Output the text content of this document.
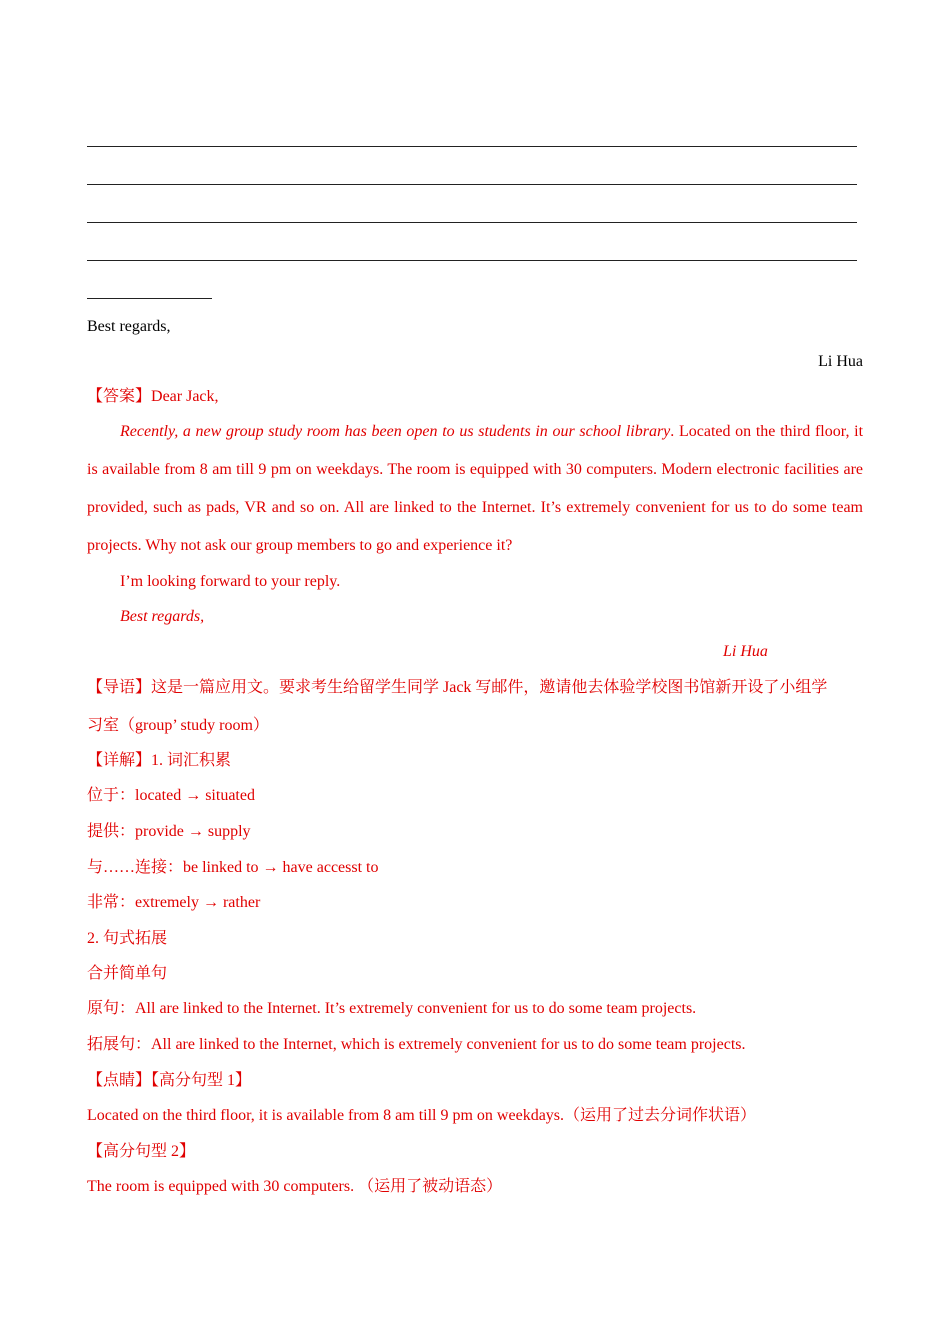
Best regards,
Li Hua
【答案】Dear Jack,
Recently, a new group study room has been open to us students in our school library. Located on the third floor, it is available from 8 am till 9 pm on weekdays. The room is equipped with 30 computers. Modern electronic facilities are provided, such as pads, VR and so on. All are linked to the Internet. It’s extremely convenient for us to do some team projects. Why not ask our group members to go and experience it?
I’m looking forward to your reply.
Best regards,
Li Hua
【导语】这是一篇应用文。要求考生给留学生同学 Jack 写邮件，邀请他去体验学校图书馆新开设了小组学
习室（group’ study room）
【详解】1. 词汇积累
位于：located → situated
提供：provide → supply
与……连接：be linked to → have accesst to
非常：extremely → rather
2. 句式拓展
合并简单句
原句：All are linked to the Internet. It’s extremely convenient for us to do some team projects.
拓展句：All are linked to the Internet, which is extremely convenient for us to do some team projects.
【点睛】【高分句型 1】
Located on the third floor, it is available from 8 am till 9 pm on weekdays.（运用了过去分词作状语）
【高分句型 2】
The room is equipped with 30 computers. （运用了被动语态）
